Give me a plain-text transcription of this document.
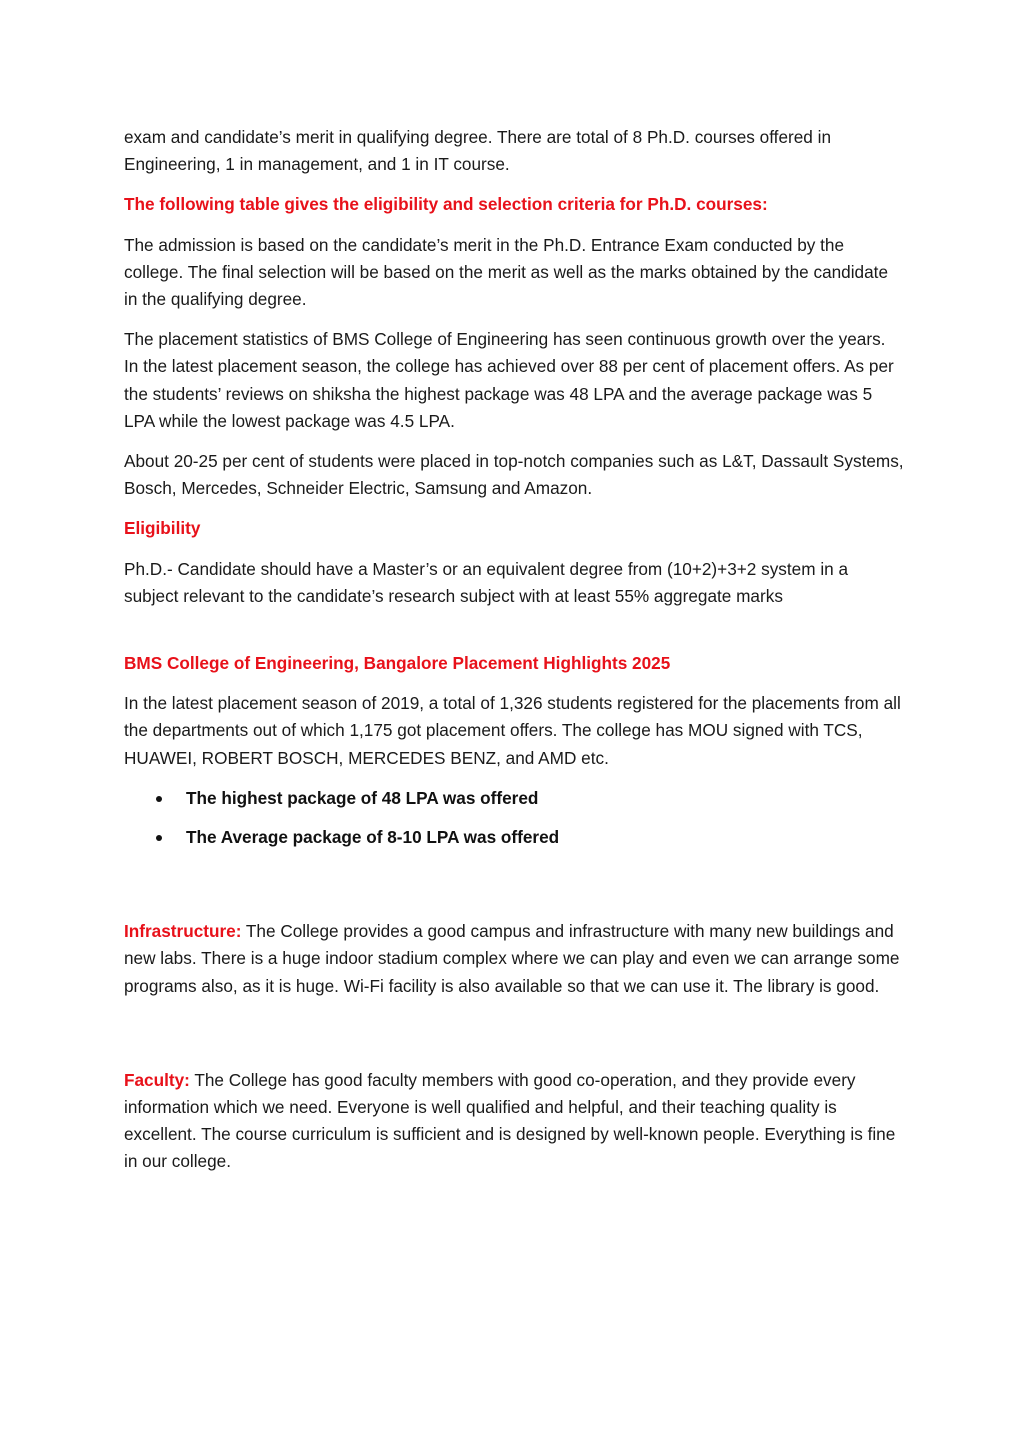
exam and candidate’s merit in qualifying degree. There are total of 8 Ph.D. courses offered in Engineering, 1 in management, and 1 in IT course.

The following table gives the eligibility and selection criteria for Ph.D. courses:

The admission is based on the candidate’s merit in the Ph.D. Entrance Exam conducted by the college. The final selection will be based on the merit as well as the marks obtained by the candidate in the qualifying degree.

The placement statistics of BMS College of Engineering has seen continuous growth over the years. In the latest placement season, the college has achieved over 88 per cent of placement offers. As per the students’ reviews on shiksha the highest package was 48 LPA and the average package was 5 LPA while the lowest package was 4.5 LPA.

About 20-25 per cent of students were placed in top-notch companies such as L&T, Dassault Systems, Bosch, Mercedes, Schneider Electric, Samsung and Amazon.

Eligibility

Ph.D.- Candidate should have a Master’s or an equivalent degree from (10+2)+3+2 system in a subject relevant to the candidate’s research subject with at least 55% aggregate marks

BMS College of Engineering, Bangalore Placement Highlights 2025

In the latest placement season of 2019, a total of 1,326 students registered for the placements from all the departments out of which 1,175 got placement offers. The college has MOU signed with TCS, HUAWEI, ROBERT BOSCH, MERCEDES BENZ, and AMD etc.

The highest package of 48 LPA was offered
The Average package of 8-10 LPA was offered

Infrastructure: The College provides a good campus and infrastructure with many new buildings and new labs. There is a huge indoor stadium complex where we can play and even we can arrange some programs also, as it is huge. Wi-Fi facility is also available so that we can use it. The library is good.

Faculty: The College has good faculty members with good co-operation, and they provide every information which we need. Everyone is well qualified and helpful, and their teaching quality is excellent. The course curriculum is sufficient and is designed by well-known people. Everything is fine in our college.
